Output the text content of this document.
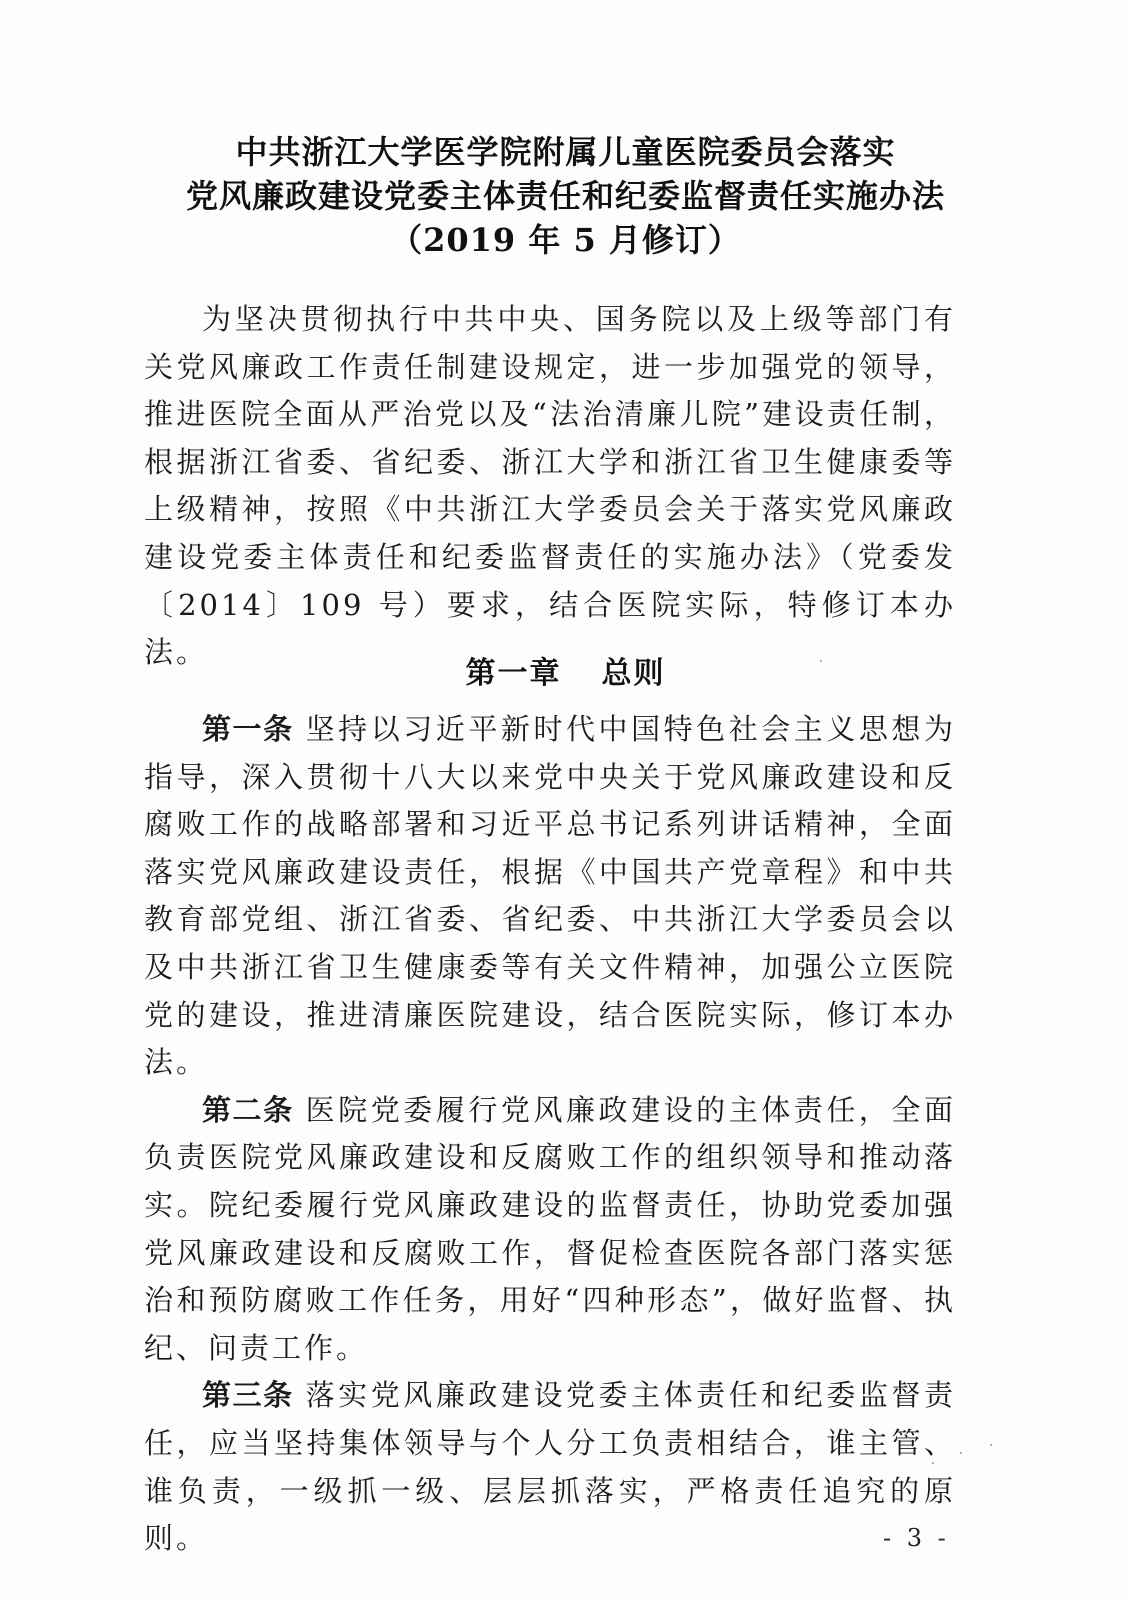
中共浙江大学医学院附属儿童医院委员会落实
党风廉政建设党委主体责任和纪委监督责任实施办法
（2019 年 5 月修订）

为坚决贯彻执行中共中央、国务院以及上级等部门有关党风廉政工作责任制建设规定，进一步加强党的领导，推进医院全面从严治党以及“法治清廉儿院”建设责任制，根据浙江省委、省纪委、浙江大学和浙江省卫生健康委等上级精神，按照《中共浙江大学委员会关于落实党风廉政建设党委主体责任和纪委监督责任的实施办法》（党委发〔2014〕109 号）要求，结合医院实际，特修订本办法。

第一章 总则

第一条 坚持以习近平新时代中国特色社会主义思想为指导，深入贯彻十八大以来党中央关于党风廉政建设和反腐败工作的战略部署和习近平总书记系列讲话精神，全面落实党风廉政建设责任，根据《中国共产党章程》和中共教育部党组、浙江省委、省纪委、中共浙江大学委员会以及中共浙江省卫生健康委等有关文件精神，加强公立医院党的建设，推进清廉医院建设，结合医院实际，修订本办法。

第二条 医院党委履行党风廉政建设的主体责任，全面负责医院党风廉政建设和反腐败工作的组织领导和推动落实。院纪委履行党风廉政建设的监督责任，协助党委加强党风廉政建设和反腐败工作，督促检查医院各部门落实惩治和预防腐败工作任务，用好“四种形态”，做好监督、执纪、问责工作。

第三条 落实党风廉政建设党委主体责任和纪委监督责任，应当坚持集体领导与个人分工负责相结合，谁主管、谁负责，一级抓一级、层层抓落实，严格责任追究的原则。	- 3 -
